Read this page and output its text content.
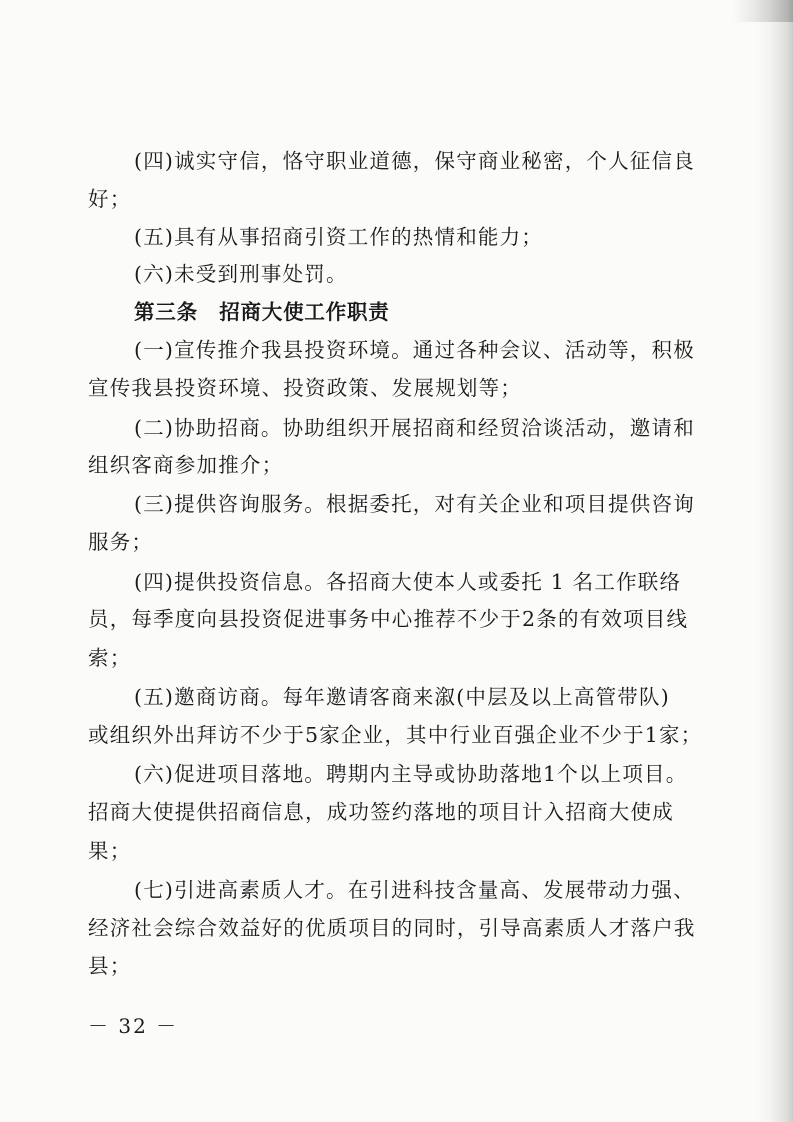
(四)诚实守信，恪守职业道德，保守商业秘密，个人征信良
好；
(五)具有从事招商引资工作的热情和能力；
(六)未受到刑事处罚。
第三条　招商大使工作职责
(一)宣传推介我县投资环境。通过各种会议、活动等，积极
宣传我县投资环境、投资政策、发展规划等；
(二)协助招商。协助组织开展招商和经贸洽谈活动，邀请和
组织客商参加推介；
(三)提供咨询服务。根据委托，对有关企业和项目提供咨询
服务；
(四)提供投资信息。各招商大使本人或委托 1 名工作联络
员，每季度向县投资促进事务中心推荐不少于2条的有效项目线
索；
(五)邀商访商。每年邀请客商来溆(中层及以上高管带队)
或组织外出拜访不少于5家企业，其中行业百强企业不少于1家；
(六)促进项目落地。聘期内主导或协助落地1个以上项目。
招商大使提供招商信息，成功签约落地的项目计入招商大使成
果；
(七)引进高素质人才。在引进科技含量高、发展带动力强、
经济社会综合效益好的优质项目的同时，引导高素质人才落户我
县；
－ 32 －
